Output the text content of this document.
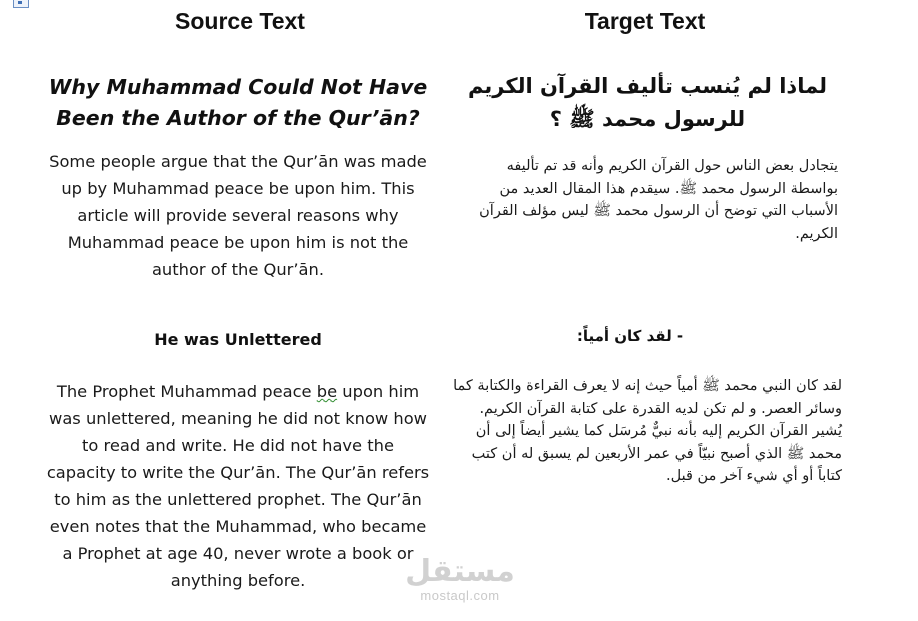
Source Text	Target Text
Why Muhammad Could Not Have Been the Author of the Qur’ān?
Some people argue that the Qur’ān was made up by Muhammad peace be upon him. This article will provide several reasons why Muhammad peace be upon him is not the author of the Qur’ān.
He was Unlettered
The Prophet Muhammad peace be upon him was unlettered, meaning he did not know how to read and write. He did not have the capacity to write the Qur’ān. The Qur’ān refers to him as the unlettered prophet. The Qur’ān even notes that the Muhammad, who became a Prophet at age 40, never wrote a book or anything before.
لماذا لم يُنسب تأليف القرآن الكريم للرسول محمد ﷺ ؟
يتجادل بعض الناس حول القرآن الكريم وأنه قد تم تأليفه بواسطة الرسول محمد ﷺ. سيقدم هذا المقال العديد من الأسباب التي توضح أن الرسول محمد ﷺ ليس مؤلف القرآن الكريم.
- لقد كان أمياً:
لقد كان النبي محمد ﷺ أمياً حيث إنه لا يعرف القراءة والكتابة كما وسائر العصر. و لم تكن لديه القدرة على كتابة القرآن الكريم. يُشير القرآن الكريم إليه بأنه نبيٌّ مُرسَل كما يشير أيضاً إلى أن محمد ﷺ الذي أصبح نبيّاً في عمر الأربعين لم يسبق له أن كتب كتاباً أو أي شيء آخر من قبل.
مستقل
mostaql.com
